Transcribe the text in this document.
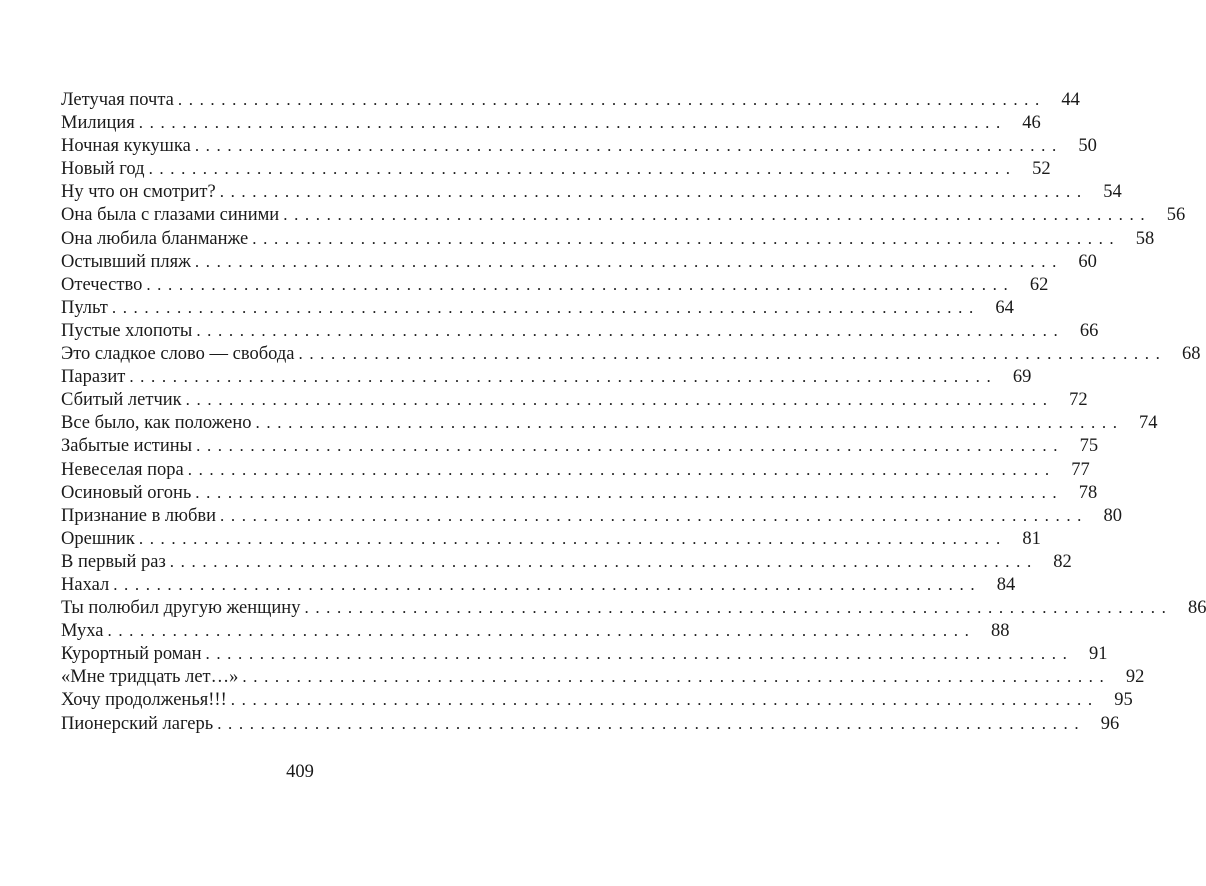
Летучая почта ................................................................................ 44
Милиция ................................................................................ 46
Ночная кукушка ................................................................................ 50
Новый год ................................................................................ 52
Ну что он смотрит? ................................................................................ 54
Она была с глазами синими ................................................................................ 56
Она любила бланманже ................................................................................ 58
Остывший пляж ................................................................................ 60
Отечество ................................................................................ 62
Пульт ................................................................................ 64
Пустые хлопоты ................................................................................ 66
Это сладкое слово — свобода ................................................................................ 68
Паразит ................................................................................ 69
Сбитый летчик ................................................................................ 72
Все было, как положено ................................................................................ 74
Забытые истины ................................................................................ 75
Невеселая пора ................................................................................ 77
Осиновый огонь ................................................................................ 78
Признание в любви ................................................................................ 80
Орешник ................................................................................ 81
В первый раз ................................................................................ 82
Нахал ................................................................................ 84
Ты полюбил другую женщину ................................................................................ 86
Муха ................................................................................ 88
Курортный роман ................................................................................ 91
«Мне тридцать лет…» ................................................................................ 92
Хочу продолженья!!! ................................................................................ 95
Пионерский лагерь ................................................................................ 96
409
